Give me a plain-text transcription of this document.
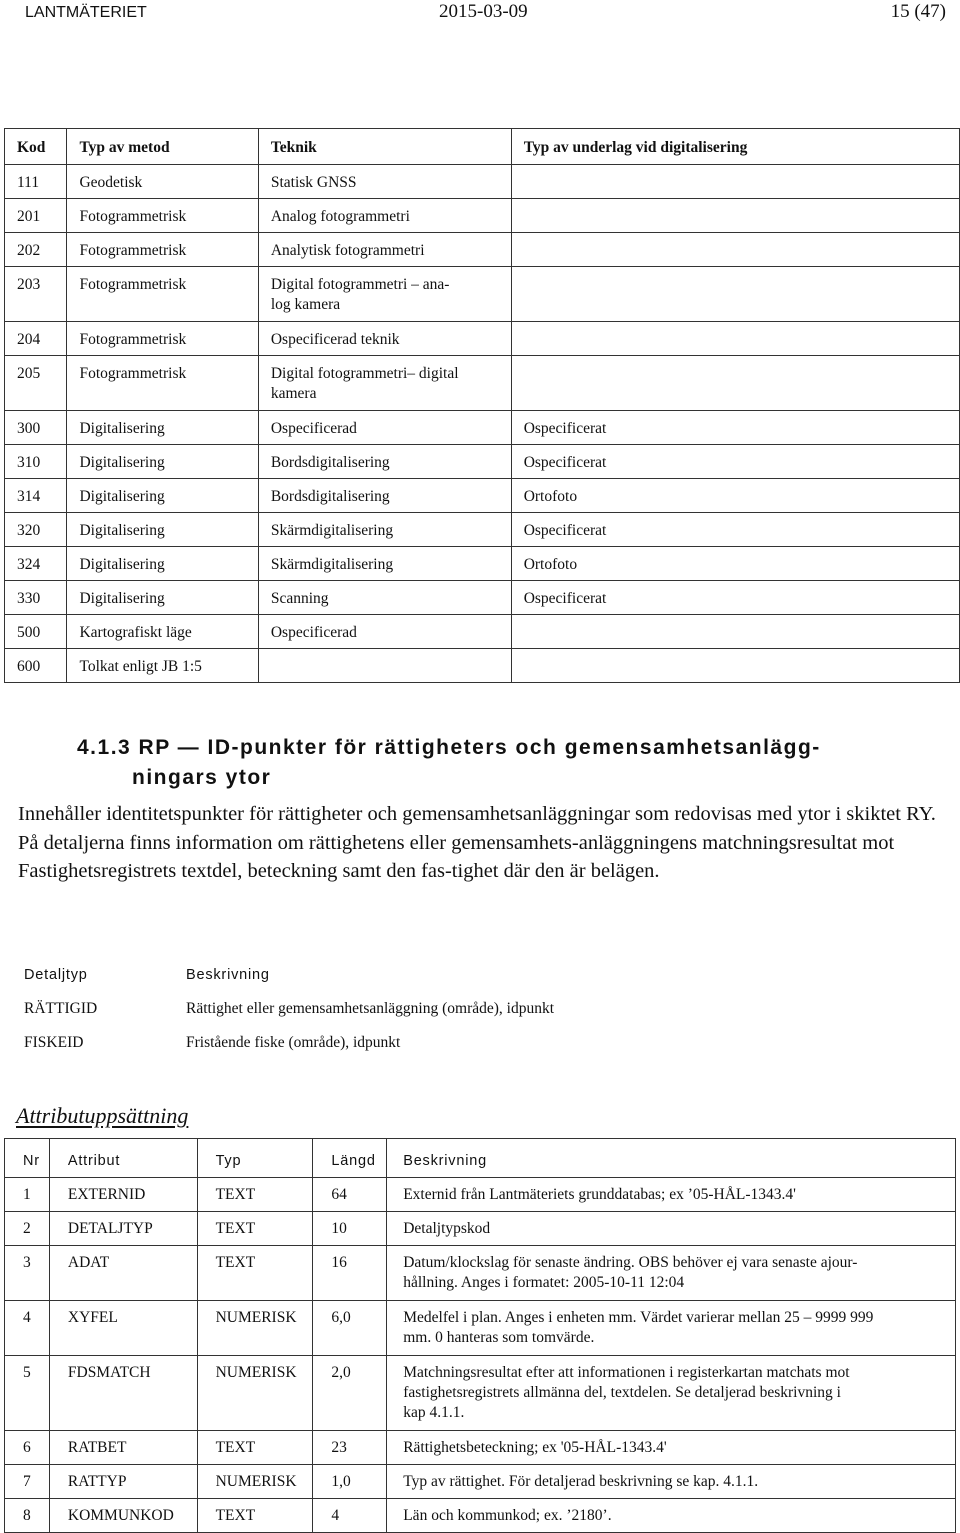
LANTMÄTERIET	2015-03-09	15 (47)
Kod	Typ av metod	Teknik	Typ av underlag vid digitalisering

111	Geodetisk	Statisk GNSS	

201	Fotogrammetrisk	Analog fotogrammetri	

202	Fotogrammetrisk	Analytisk fotogrammetri	

203	Fotogrammetrisk	Digital fotogrammetri – ana-
log kamera	

204	Fotogrammetrisk	Ospecificerad teknik	

205	Fotogrammetrisk	Digital fotogrammetri– digital
kamera	

300	Digitalisering	Ospecificerad	Ospecificerat

310	Digitalisering	Bordsdigitalisering	Ospecificerat

314	Digitalisering	Bordsdigitalisering	Ortofoto

320	Digitalisering	Skärmdigitalisering	Ospecificerat

324	Digitalisering	Skärmdigitalisering	Ortofoto

330	Digitalisering	Scanning	Ospecificerat

500	Kartografiskt läge	Ospecificerad	

600	Tolkat enligt JB 1:5		

4.1.3 RP — ID-punkter för rättigheters och gemensamhetsanlägg-
ningars ytor
Innehåller identitetspunkter för rättigheter och gemensamhetsanläggningar som redovisas med ytor i skiktet RY. På detaljerna finns information om rättighetens eller gemensamhets-anläggningens matchningsresultat mot Fastighetsregistrets textdel, beteckning samt den fas-tighet där den är belägen.
Detaljtyp	Beskrivning

RÄTTIGID	Rättighet eller gemensamhetsanläggning (område), idpunkt

FISKEID	Fristående fiske (område), idpunkt
Attributuppsättning
Nr	Attribut	Typ	Längd	Beskrivning

1	EXTERNID	TEXT	64	Externid från Lantmäteriets grunddatabas; ex ’05-HÅL-1343.4'

2	DETALJTYP	TEXT	10	Detaljtypskod

3	ADAT	TEXT	16	Datum/klockslag för senaste ändring. OBS behöver ej vara senaste ajour-
hållning. Anges i formatet: 2005-10-11 12:04

4	XYFEL	NUMERISK	6,0	Medelfel i plan. Anges i enheten mm. Värdet varierar mellan 25 – 9999 999
mm. 0 hanteras som tomvärde.

5	FDSMATCH	NUMERISK	2,0	Matchningsresultat efter att informationen i registerkartan matchats mot
fastighetsregistrets allmänna del, textdelen. Se detaljerad beskrivning i
kap 4.1.1.

6	RATBET	TEXT	23	Rättighetsbeteckning; ex '05-HÅL-1343.4'

7	RATTYP	NUMERISK	1,0	Typ av rättighet. För detaljerad beskrivning se kap. 4.1.1.

8	KOMMUNKOD	TEXT	4	Län och kommunkod; ex. ’2180’.
